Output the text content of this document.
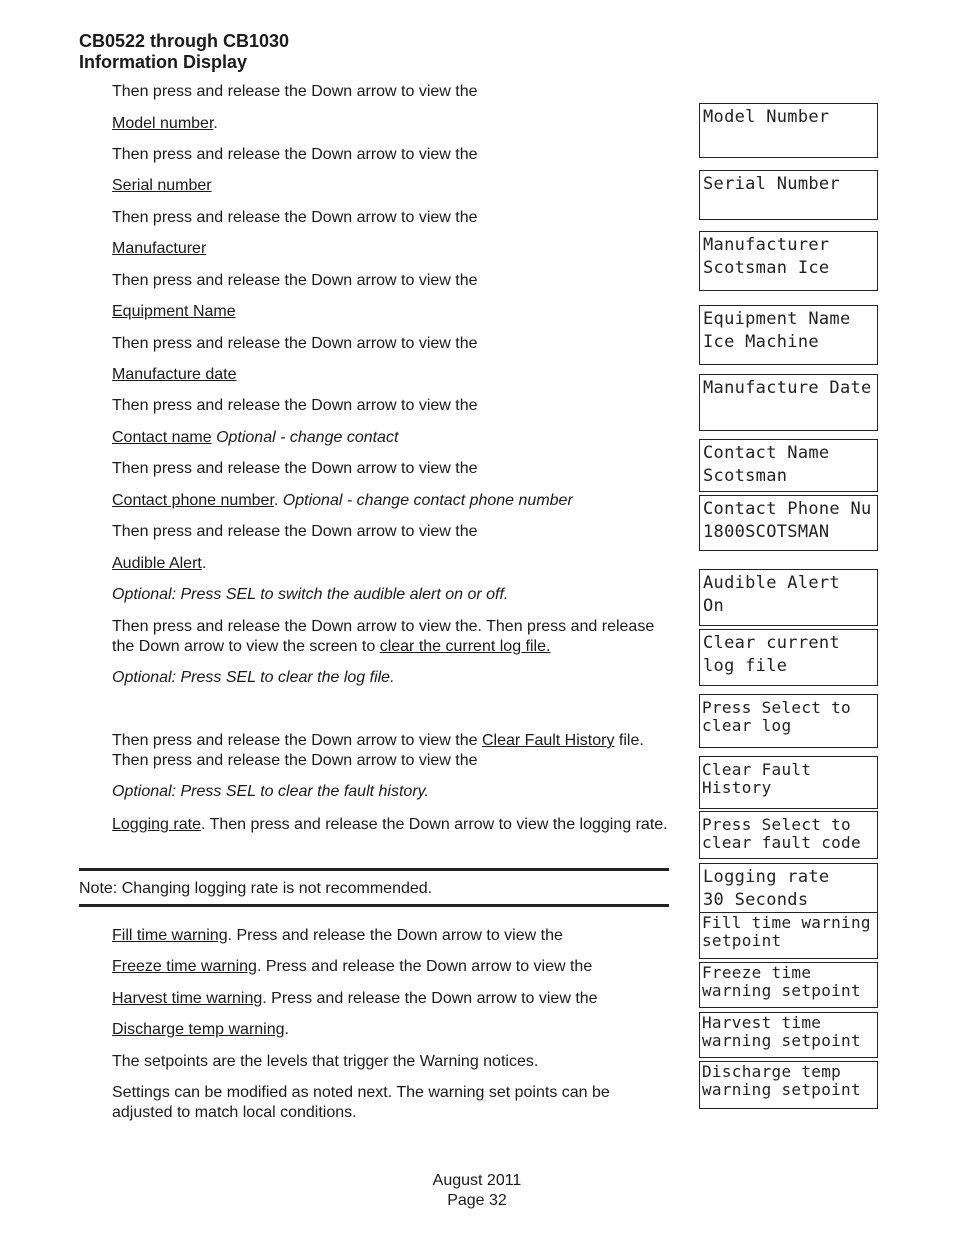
CB0522 through CB1030
Information Display
Then press and release the Down arrow to view the
Model number.
Then press and release the Down arrow to view the
Serial number
Then press and release the Down arrow to view the
Manufacturer
Then press and release the Down arrow to view the
Equipment Name
Then press and release the Down arrow to view the
Manufacture date
Then press and release the Down arrow to view the
Contact name Optional - change contact
Then press and release the Down arrow to view the
Contact phone number. Optional - change contact phone number
Then press and release the Down arrow to view the
Audible Alert.
Optional: Press SEL to switch the audible alert on or off.
Then press and release the Down arrow to view the. Then press and release the Down arrow to view the screen to clear the current log file.
Optional: Press SEL to clear the log file.
Then press and release the Down arrow to view the Clear Fault History file. Then press and release the Down arrow to view the
Optional: Press SEL to clear the fault history.
Logging rate. Then press and release the Down arrow to view the logging rate.
Note: Changing logging rate is not recommended.
Fill time warning. Press and release the Down arrow to view the
Freeze time warning. Press and release the Down arrow to view the
Harvest time warning. Press and release the Down arrow to view the
Discharge temp warning.
The setpoints are the levels that trigger the Warning notices.
Settings can be modified as noted next. The warning set points can be adjusted to match local conditions.
Model Number
Serial Number
Manufacturer
Scotsman Ice
Equipment Name
Ice Machine
Manufacture Date
Contact Name
Scotsman
Contact Phone Nu
1800SCOTSMAN
Audible Alert
On
Clear current
log file
Press Select to
clear log
Clear Fault
History
Press Select to
clear fault code
Logging rate
30 Seconds
Fill time warning
setpoint
Freeze time
warning setpoint
Harvest time
warning setpoint
Discharge temp
warning setpoint
August 2011
Page 32
